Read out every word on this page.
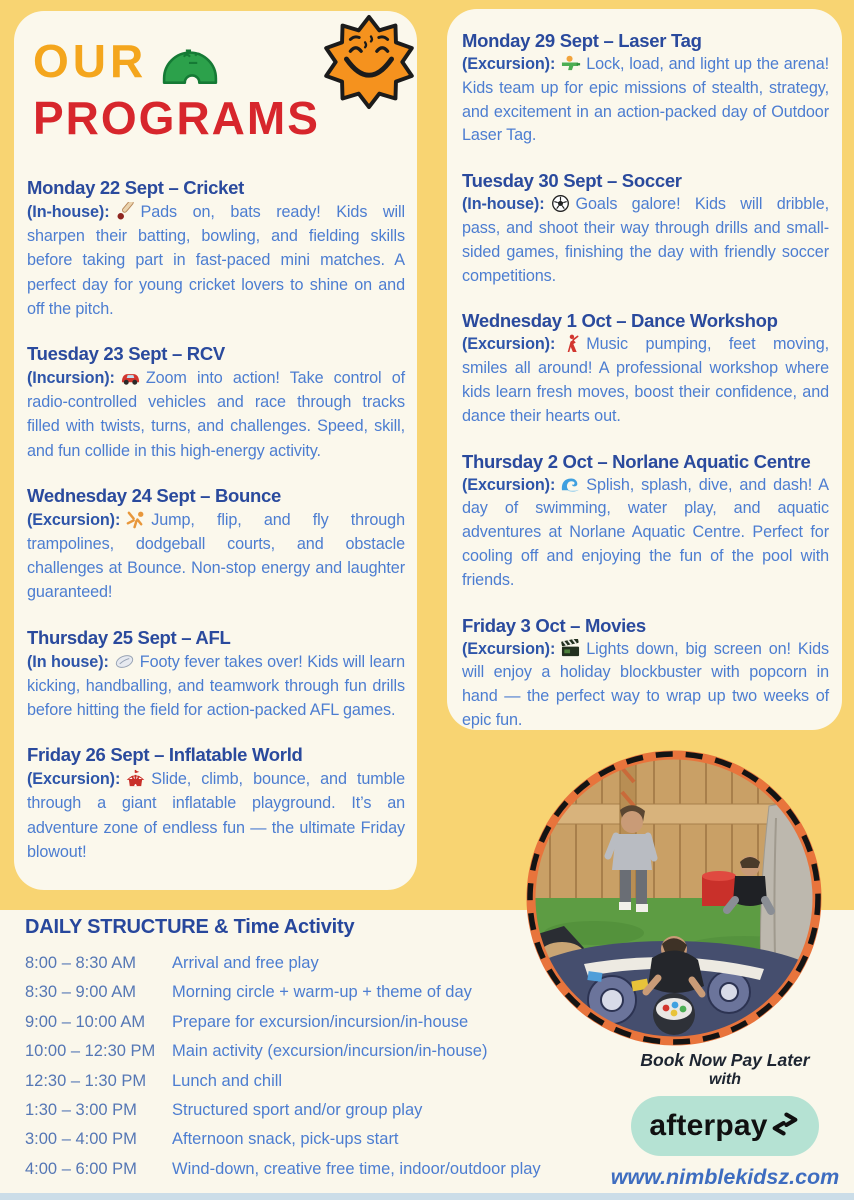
OUR
PROGRAMS
Monday 22 Sept – Cricket

(In-house): Pads on, bats ready! Kids will sharpen their batting, bowling, and fielding skills before taking part in fast-paced mini matches. A perfect day for young cricket lovers to shine on and off the pitch.

Tuesday 23 Sept – RCV

(Incursion): Zoom into action! Take control of radio-controlled vehicles and race through tracks filled with twists, turns, and challenges. Speed, skill, and fun collide in this high-energy activity.

Wednesday 24 Sept – Bounce

(Excursion): Jump, flip, and fly through trampolines, dodgeball courts, and obstacle challenges at Bounce. Non-stop energy and laughter guaranteed!

Thursday 25 Sept – AFL

(In house): Footy fever takes over! Kids will learn kicking, handballing, and teamwork through fun drills before hitting the field for action-packed AFL games.

Friday 26 Sept – Inflatable World

(Excursion): Slide, climb, bounce, and tumble through a giant inflatable playground. It’s an adventure zone of endless fun — the ultimate Friday blowout!

Monday 29 Sept – Laser Tag

(Excursion): Lock, load, and light up the arena! Kids team up for epic missions of stealth, strategy, and excitement in an action-packed day of Outdoor Laser Tag.

Tuesday 30 Sept – Soccer

(In-house): Goals galore! Kids will dribble, pass, and shoot their way through drills and small-sided games, finishing the day with friendly soccer competitions.

Wednesday 1 Oct – Dance Workshop

(Excursion): Music pumping, feet moving, smiles all around! A professional workshop where kids learn fresh moves, boost their confidence, and dance their hearts out.

Thursday 2 Oct – Norlane Aquatic Centre

(Excursion): Splish, splash, dive, and dash! A day of swimming, water play, and aquatic adventures at Norlane Aquatic Centre. Perfect for cooling off and enjoying the fun of the pool with friends.

Friday 3 Oct – Movies

(Excursion): Lights down, big screen on! Kids will enjoy a holiday blockbuster with popcorn in hand — the perfect way to wrap up two weeks of epic fun.

DAILY STRUCTURE & Time Activity
8:00 – 8:30 AM	Arrival and free play
8:30 – 9:00 AM	Morning circle + warm-up + theme of day
9:00 – 10:00 AM	Prepare for excursion/incursion/in-house
10:00 – 12:30 PM	Main activity (excursion/incursion/in-house)
12:30 – 1:30 PM	Lunch and chill
1:30 – 3:00 PM	Structured sport and/or group play
3:00 – 4:00 PM	Afternoon snack, pick-ups start
4:00 – 6:00 PM	Wind-down, creative free time, indoor/outdoor play
Book Now Pay Later
with
afterpay
www.nimblekidsz.com
